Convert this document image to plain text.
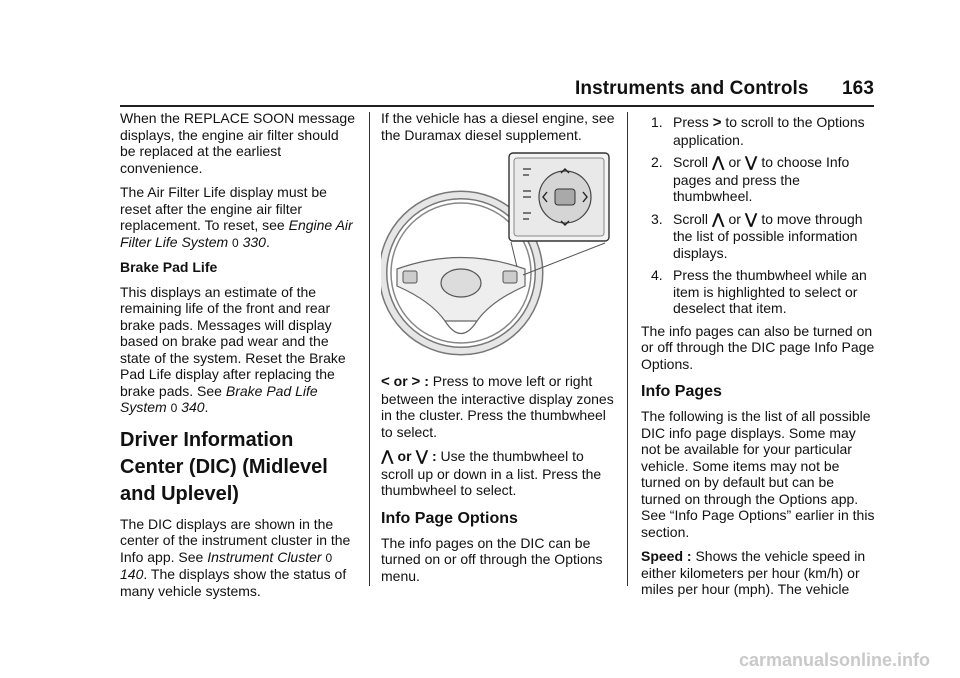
Instruments and Controls 163

When the REPLACE SOON message displays, the engine air filter should be replaced at the earliest convenience.

The Air Filter Life display must be reset after the engine air filter replacement. To reset, see Engine Air Filter Life System 0 330.

Brake Pad Life

This displays an estimate of the remaining life of the front and rear brake pads. Messages will display based on brake pad wear and the state of the system. Reset the Brake Pad Life display after replacing the brake pads. See Brake Pad Life System 0 340.

Driver Information Center (DIC) (Midlevel and Uplevel)

The DIC displays are shown in the center of the instrument cluster in the Info app. See Instrument Cluster 0 140. The displays show the status of many vehicle systems.

If the vehicle has a diesel engine, see the Duramax diesel supplement.

< or > : Press to move left or right between the interactive display zones in the cluster. Press the thumbwheel to select.

⋀ or ⋁ : Use the thumbwheel to scroll up or down in a list. Press the thumbwheel to select.

Info Page Options

The info pages on the DIC can be turned on or off through the Options menu.

1. Press > to scroll to the Options application.
2. Scroll ⋀ or ⋁ to choose Info pages and press the thumbwheel.
3. Scroll ⋀ or ⋁ to move through the list of possible information displays.
4. Press the thumbwheel while an item is highlighted to select or deselect that item.

The info pages can also be turned on or off through the DIC page Info Page Options.

Info Pages

The following is the list of all possible DIC info page displays. Some may not be available for your particular vehicle. Some items may not be turned on by default but can be turned on through the Options app. See “Info Page Options” earlier in this section.

Speed : Shows the vehicle speed in either kilometers per hour (km/h) or miles per hour (mph). The vehicle

carmanualsonline.info
